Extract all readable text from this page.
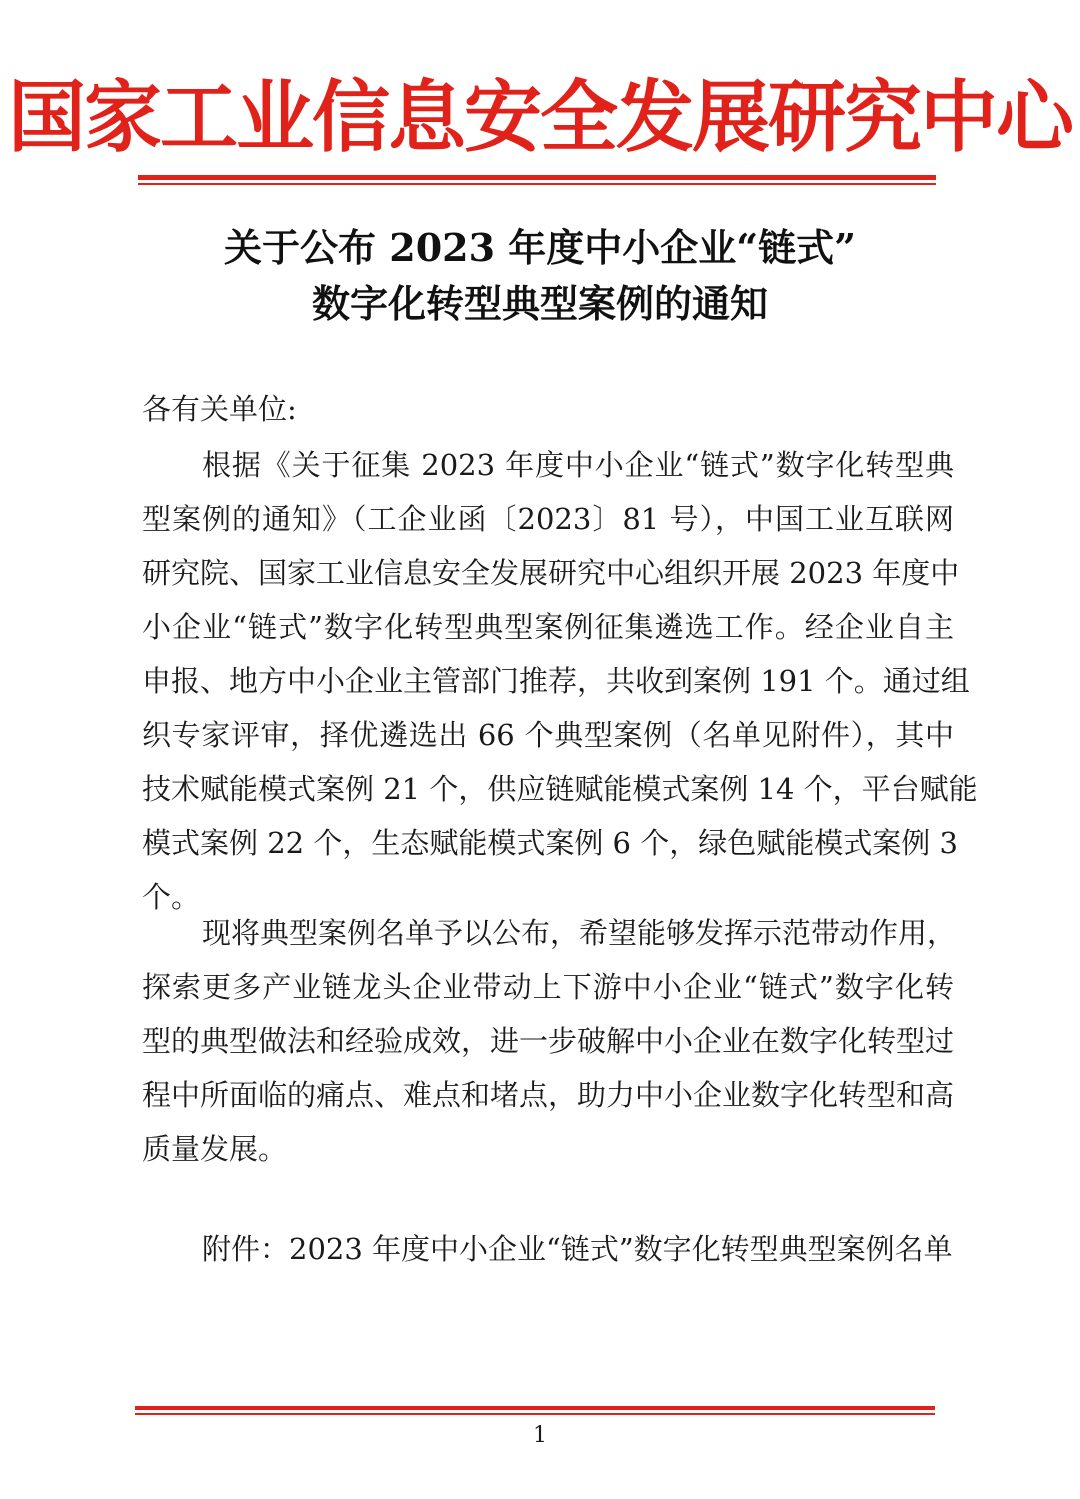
国家工业信息安全发展研究中心
关于公布 2023 年度中小企业“链式”
数字化转型典型案例的通知
各有关单位:
根据《关于征集 2023 年度中小企业“链式”数字化转型典
型案例的通知》（工企业函〔2023〕81 号），中国工业互联网
研究院、国家工业信息安全发展研究中心组织开展 2023 年度中
小企业“链式”数字化转型典型案例征集遴选工作。经企业自主
申报、地方中小企业主管部门推荐，共收到案例 191 个。通过组
织专家评审，择优遴选出 66 个典型案例（名单见附件），其中
技术赋能模式案例 21 个，供应链赋能模式案例 14 个，平台赋能
模式案例 22 个，生态赋能模式案例 6 个，绿色赋能模式案例 3
个。
现将典型案例名单予以公布，希望能够发挥示范带动作用，
探索更多产业链龙头企业带动上下游中小企业“链式”数字化转
型的典型做法和经验成效，进一步破解中小企业在数字化转型过
程中所面临的痛点、难点和堵点，助力中小企业数字化转型和高
质量发展。
附件：2023 年度中小企业“链式”数字化转型典型案例名单
1
